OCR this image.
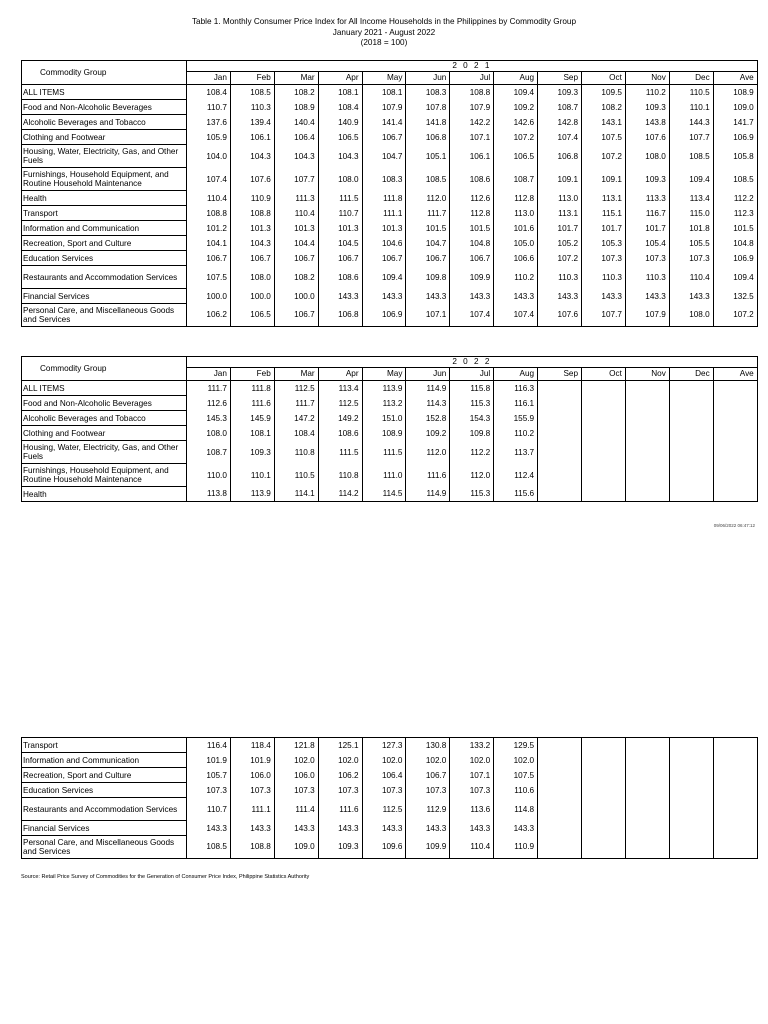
Table 1. Monthly Consumer Price Index for All Income Households in the Philippines by Commodity Group
January 2021 - August 2022
(2018 = 100)
Commodity Group	2 0 2 1												
	Jan	Feb	Mar	Apr	May	Jun	Jul	Aug	Sep	Oct	Nov	Dec	Ave
ALL ITEMS	108.4	108.5	108.2	108.1	108.1	108.3	108.8	109.4	109.3	109.5	110.2	110.5	108.9
Food and Non-Alcoholic Beverages	110.7	110.3	108.9	108.4	107.9	107.8	107.9	109.2	108.7	108.2	109.3	110.1	109.0
Alcoholic Beverages and Tobacco	137.6	139.4	140.4	140.9	141.4	141.8	142.2	142.6	142.8	143.1	143.8	144.3	141.7
Clothing and Footwear	105.9	106.1	106.4	106.5	106.7	106.8	107.1	107.2	107.4	107.5	107.6	107.7	106.9
Housing, Water, Electricity, Gas, and Other Fuels	104.0	104.3	104.3	104.3	104.7	105.1	106.1	106.5	106.8	107.2	108.0	108.5	105.8
Furnishings, Household Equipment, and Routine Household Maintenance	107.4	107.6	107.7	108.0	108.3	108.5	108.6	108.7	109.1	109.1	109.3	109.4	108.5
Health	110.4	110.9	111.3	111.5	111.8	112.0	112.6	112.8	113.0	113.1	113.3	113.4	112.2
Transport	108.8	108.8	110.4	110.7	111.1	111.7	112.8	113.0	113.1	115.1	116.7	115.0	112.3
Information and Communication	101.2	101.3	101.3	101.3	101.3	101.5	101.5	101.6	101.7	101.7	101.7	101.8	101.5
Recreation, Sport and Culture	104.1	104.3	104.4	104.5	104.6	104.7	104.8	105.0	105.2	105.3	105.4	105.5	104.8
Education Services	106.7	106.7	106.7	106.7	106.7	106.7	106.7	106.6	107.2	107.3	107.3	107.3	106.9
Restaurants and Accommodation Services	107.5	108.0	108.2	108.6	109.4	109.8	109.9	110.2	110.3	110.3	110.3	110.4	109.4
Financial Services	100.0	100.0	100.0	143.3	143.3	143.3	143.3	143.3	143.3	143.3	143.3	143.3	132.5
Personal Care, and Miscellaneous Goods and Services	106.2	106.5	106.7	106.8	106.9	107.1	107.4	107.4	107.6	107.7	107.9	108.0	107.2
Commodity Group	2 0 2 2												
	Jan	Feb	Mar	Apr	May	Jun	Jul	Aug	Sep	Oct	Nov	Dec	Ave
ALL ITEMS	111.7	111.8	112.5	113.4	113.9	114.9	115.8	116.3					
Food and Non-Alcoholic Beverages	112.6	111.6	111.7	112.5	113.2	114.3	115.3	116.1					
Alcoholic Beverages and Tobacco	145.3	145.9	147.2	149.2	151.0	152.8	154.3	155.9					
Clothing and Footwear	108.0	108.1	108.4	108.6	108.9	109.2	109.8	110.2					
Housing, Water, Electricity, Gas, and Other Fuels	108.7	109.3	110.8	111.5	111.5	112.0	112.2	113.7					
Furnishings, Household Equipment, and Routine Household Maintenance	110.0	110.1	110.5	110.8	111.0	111.6	112.0	112.4					
Health	113.8	113.9	114.1	114.2	114.5	114.9	115.3	115.6					
Transport	116.4	118.4	121.8	125.1	127.3	130.8	133.2	129.5					
Information and Communication	101.9	101.9	102.0	102.0	102.0	102.0	102.0	102.0					
Recreation, Sport and Culture	105.7	106.0	106.0	106.2	106.4	106.7	107.1	107.5					
Education Services	107.3	107.3	107.3	107.3	107.3	107.3	107.3	110.6					
Restaurants and Accommodation Services	110.7	111.1	111.4	111.6	112.5	112.9	113.6	114.8					
Financial Services	143.3	143.3	143.3	143.3	143.3	143.3	143.3	143.3					
Personal Care, and Miscellaneous Goods and Services	108.5	108.8	109.0	109.3	109.6	109.9	110.4	110.9					
09/06/2022 06:47:12
Source: Retail Price Survey of Commodities for the Generation of Consumer Price Index, Philippine Statistics Authority
